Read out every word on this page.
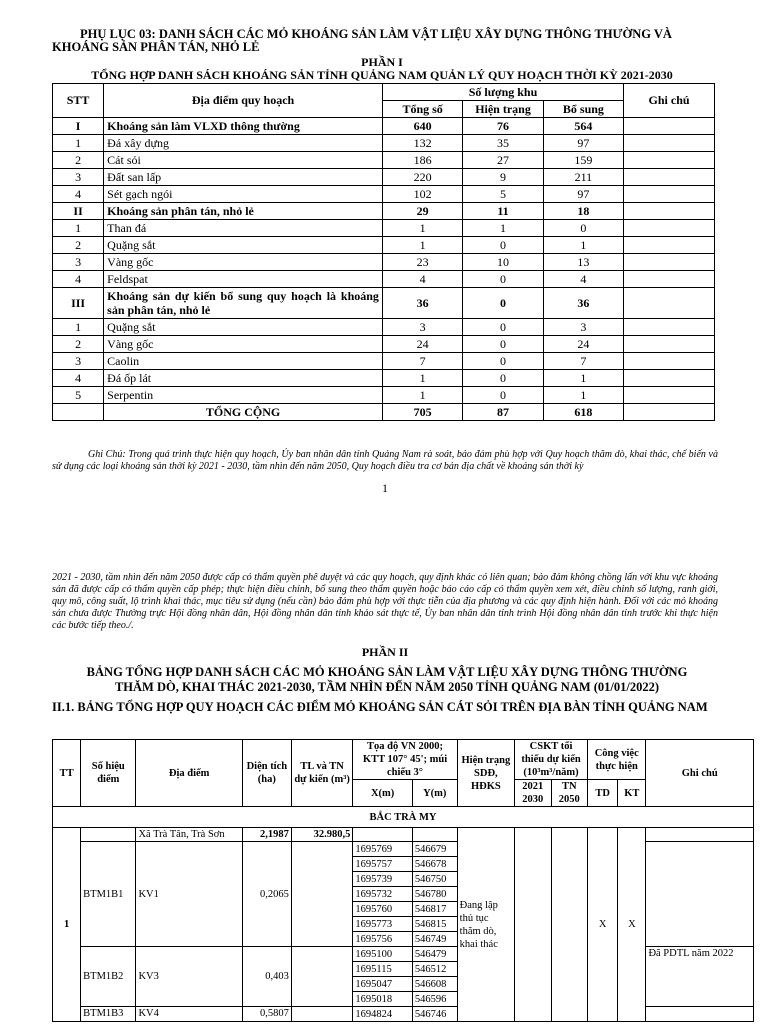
PHỤ LỤC 03: DANH SÁCH CÁC MỎ KHOÁNG SẢN LÀM VẬT LIỆU XÂY DỰNG THÔNG THƯỜNG VÀ KHOÁNG SẢN PHÂN TÁN, NHỎ LẺ
PHẦN I
TỔNG HỢP DANH SÁCH KHOÁNG SẢN TỈNH QUẢNG NAM QUẢN LÝ QUY HOẠCH THỜI KỲ 2021-2030
STT	Địa điểm quy hoạch	Số lượng khu			Ghi chú
		Tổng số	Hiện trạng	Bổ sung	
I	Khoáng sản làm VLXD thông thường	640	76	564	
1	Đá xây dựng	132	35	97	
2	Cát sỏi	186	27	159	
3	Đất san lấp	220	9	211	
4	Sét gạch ngói	102	5	97	
II	Khoáng sản phân tán, nhỏ lẻ	29	11	18	
1	Than đá	1	1	0	
2	Quặng sắt	1	0	1	
3	Vàng gốc	23	10	13	
4	Feldspat	4	0	4	
III	Khoáng sản dự kiến bổ sung quy hoạch là khoáng sản phân tán, nhỏ lẻ	36	0	36	
1	Quặng sắt	3	0	3	
2	Vàng gốc	24	0	24	
3	Caolin	7	0	7	
4	Đá ốp lát	1	0	1	
5	Serpentin	1	0	1	
	TỔNG CỘNG	705	87	618	
Ghi Chú: Trong quá trình thực hiện quy hoạch, Ủy ban nhân dân tỉnh Quảng Nam rà soát, bảo đảm phù hợp với Quy hoạch thăm dò, khai thác, chế biến và sử dụng các loại khoáng sản thời kỳ 2021 - 2030, tầm nhìn đến năm 2050, Quy hoạch điều tra cơ bản địa chất về khoáng sản thời kỳ
1
2021 - 2030, tầm nhìn đến năm 2050 được cấp có thẩm quyền phê duyệt và các quy hoạch, quy định khác có liên quan; bảo đảm không chồng lấn với khu vực khoáng sản đã được cấp có thẩm quyền cấp phép; thực hiện điều chỉnh, bổ sung theo thẩm quyền hoặc báo cáo cấp có thẩm quyền xem xét, điều chỉnh số lượng, ranh giới, quy mô, công suất, lộ trình khai thác, mục tiêu sử dụng (nếu cần) bảo đảm phù hợp với thực tiễn của địa phương và các quy định hiện hành. Đối với các mỏ khoáng sản chưa được Thường trực Hội đồng nhân dân, Hội đồng nhân dân tỉnh khảo sát thực tế, Ủy ban nhân dân tỉnh trình Hội đồng nhân dân tỉnh trước khi thực hiện các bước tiếp theo./.
PHẦN II
BẢNG TỔNG HỢP DANH SÁCH CÁC MỎ KHOÁNG SẢN LÀM VẬT LIỆU XÂY DỰNG THÔNG THƯỜNG THĂM DÒ, KHAI THÁC 2021-2030, TẦM NHÌN ĐẾN NĂM 2050 TỈNH QUẢNG NAM (01/01/2022)
II.1. BẢNG TỔNG HỢP QUY HOẠCH CÁC ĐIỂM MỎ KHOÁNG SẢN CÁT SỎI TRÊN ĐỊA BÀN TỈNH QUẢNG NAM
TT	Số hiệu điểm	Địa điểm	Diện tích (ha)	TL và TN dự kiến (m³)	Tọa độ VN 2000; KTT 107° 45'; múi chiếu 3°		Hiện trạng SDĐ, HĐKS	CSKT tối thiểu dự kiến (10³m³/năm)		Công việc thực hiện		Ghi chú
					X(m)	Y(m)		2021 2030	TN 2050	TD	KT	
BẮC TRÀ MY												
1		Xã Trà Tân, Trà Sơn	2,1987	32.980,5			Đang lập thủ tục thăm dò, khai thác			X	X	
	BTM1B1	KV1	0,2065		1695769	546679						
					1695757	546678						
					1695739	546750						
					1695732	546780						
					1695760	546817						
					1695773	546815						
					1695756	546749						
	BTM1B2	KV3	0,403		1695100	546479						Đã PDTL năm 2022
					1695115	546512						
					1695047	546608						
					1695018	546596						
	BTM1B3	KV4	0,5807		1694824	546746						
